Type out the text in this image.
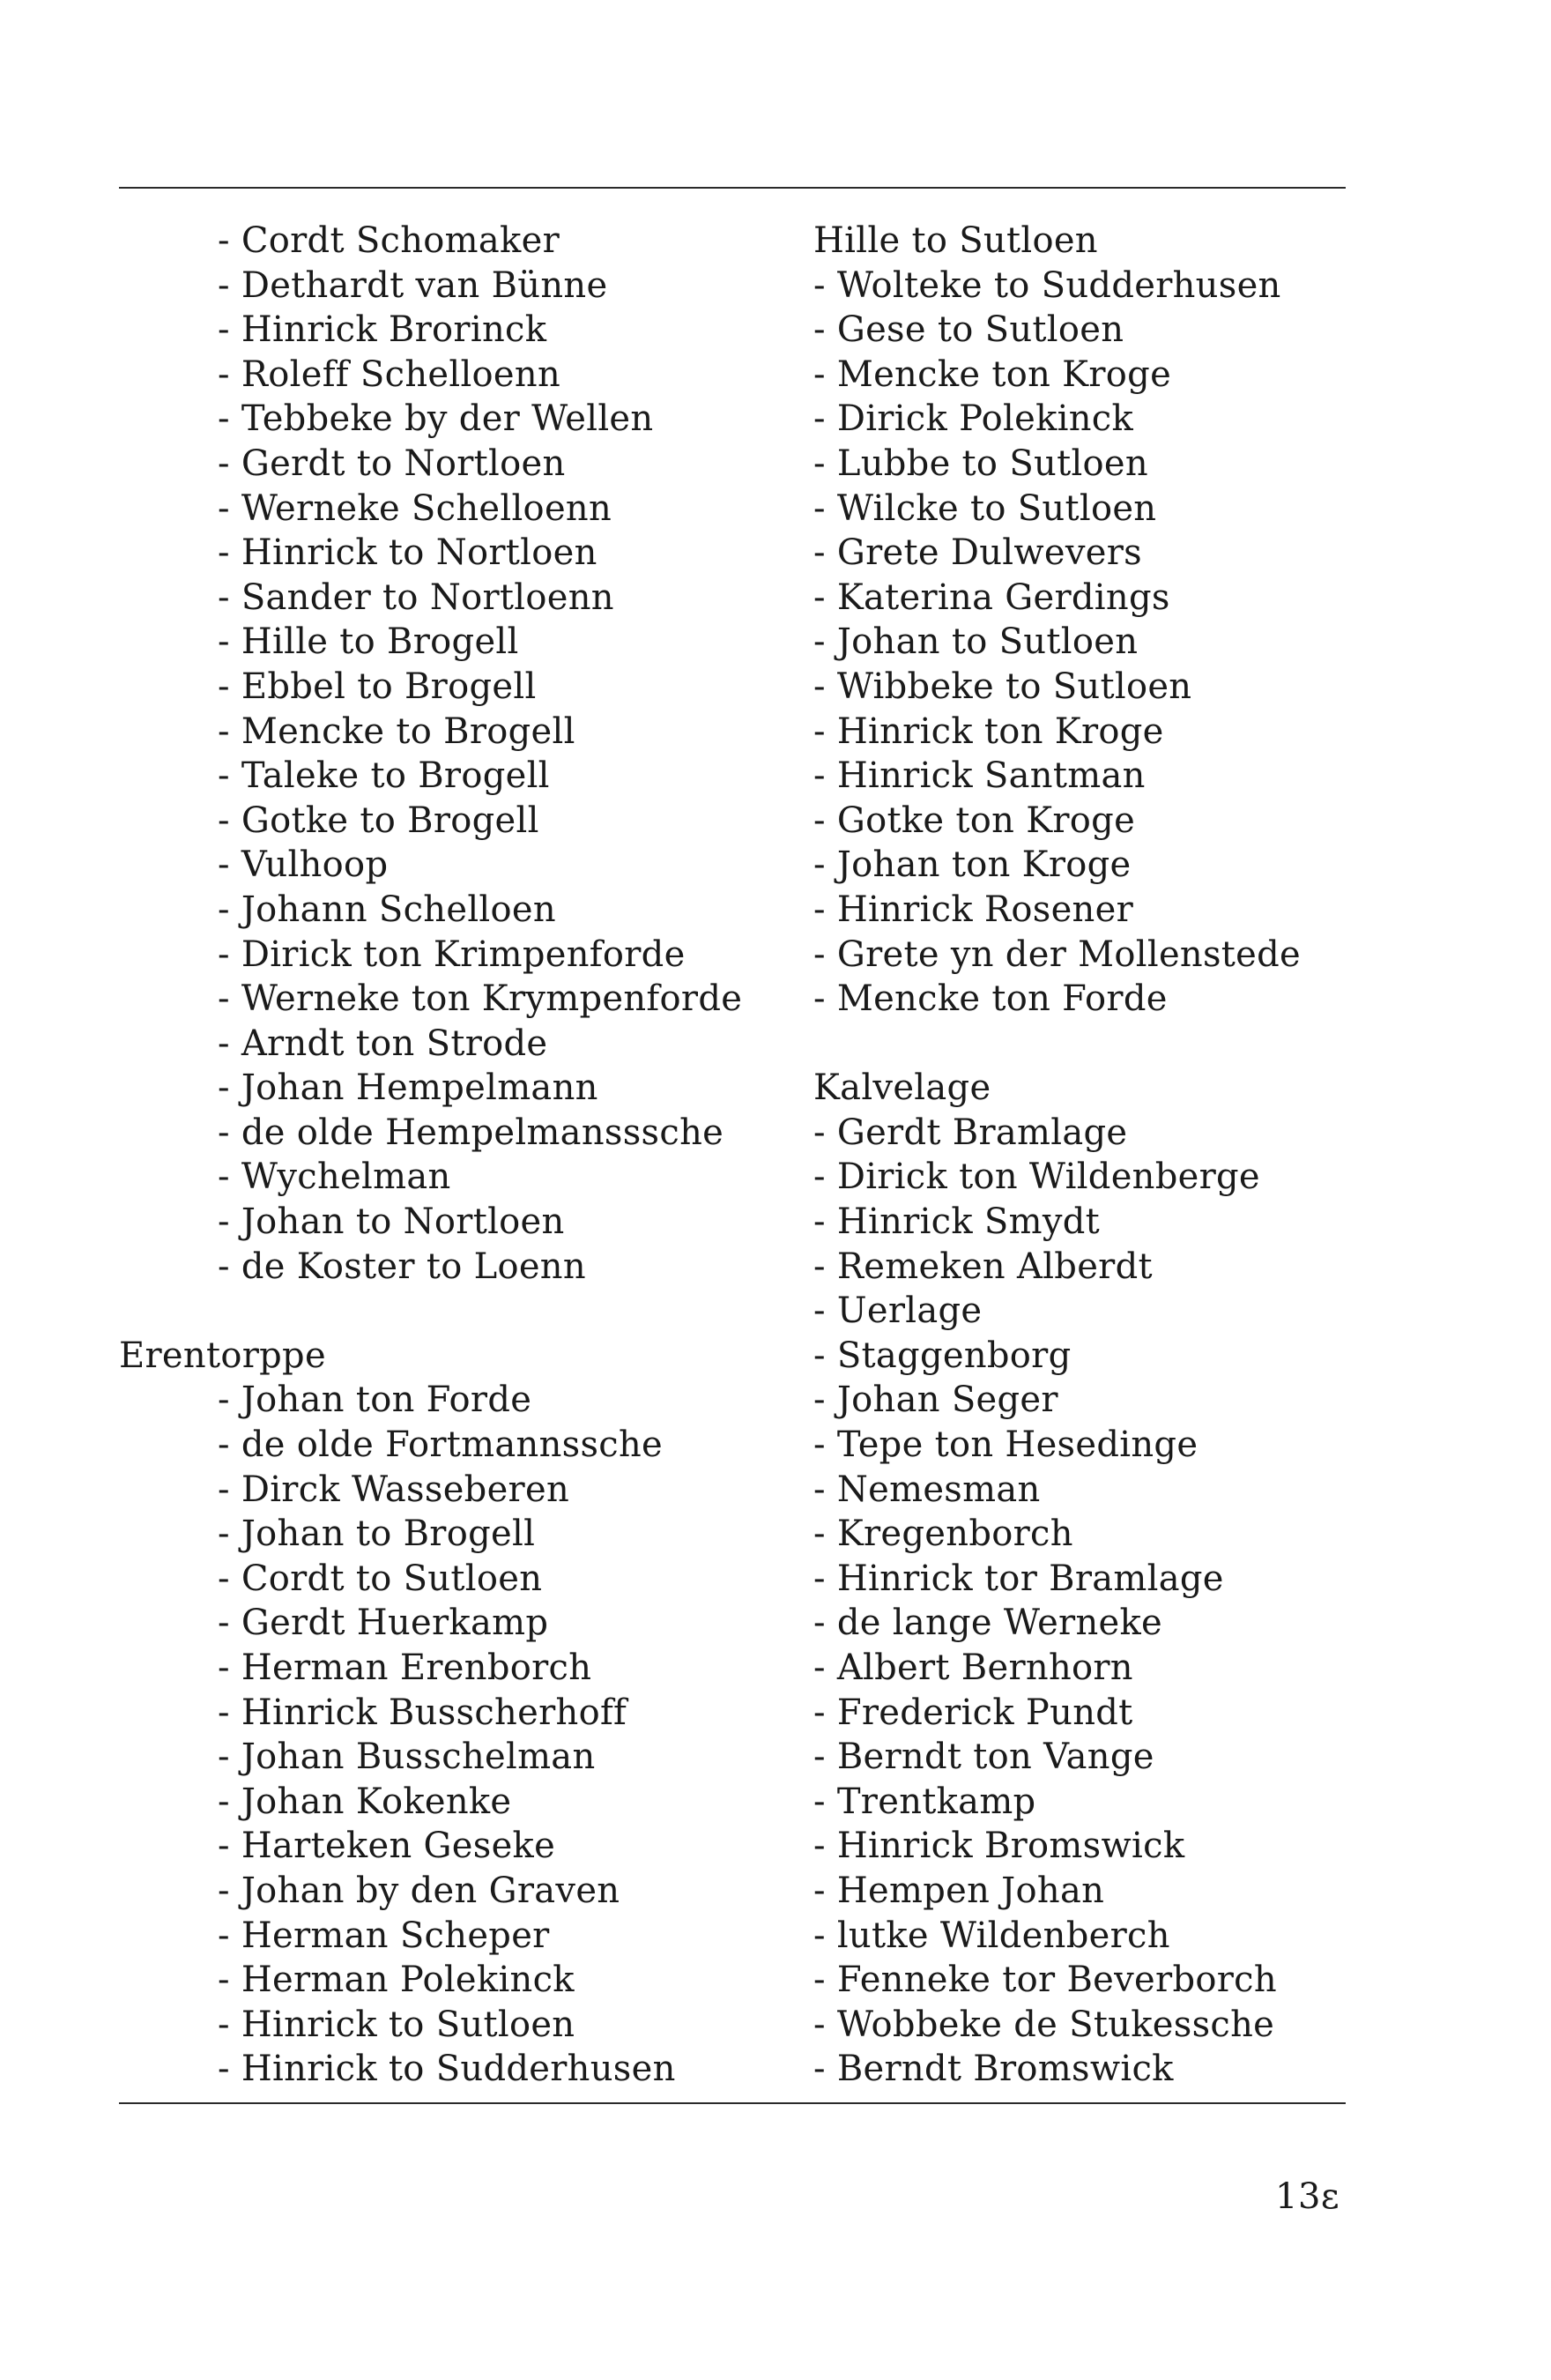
- Cordt Schomaker
- Dethardt van Bünne
- Hinrick Brorinck
- Roleff Schelloenn
- Tebbeke by der Wellen
- Gerdt to Nortloen
- Werneke Schelloenn
- Hinrick to Nortloen
- Sander to Nortloenn
- Hille to Brogell
- Ebbel to Brogell
- Mencke to Brogell
- Taleke to Brogell
- Gotke to Brogell
- Vulhoop
- Johann Schelloen
- Dirick ton Krimpenforde
- Werneke ton Krympenforde
- Arndt ton Strode
- Johan Hempelmann
- de olde Hempelmansssche
- Wychelman
- Johan to Nortloen
- de Koster to Loenn
Erentorppe
- Johan ton Forde
- de olde Fortmannssche
- Dirck Wasseberen
- Johan to Brogell
- Cordt to Sutloen
- Gerdt Huerkamp
- Herman Erenborch
- Hinrick Busscherhoff
- Johan Busschelman
- Johan Kokenke
- Harteken Geseke
- Johan by den Graven
- Herman Scheper
- Herman Polekinck
- Hinrick to Sutloen
- Hinrick to Sudderhusen
Hille to Sutloen
- Wolteke to Sudderhusen
- Gese to Sutloen
- Mencke ton Kroge
- Dirick Polekinck
- Lubbe to Sutloen
- Wilcke to Sutloen
- Grete Dulwevers
- Katerina Gerdings
- Johan to Sutloen
- Wibbeke to Sutloen
- Hinrick ton Kroge
- Hinrick Santman
- Gotke ton Kroge
- Johan ton Kroge
- Hinrick Rosener
- Grete yn der Mollenstede
- Mencke ton Forde
Kalvelage
- Gerdt Bramlage
- Dirick ton Wildenberge
- Hinrick Smydt
- Remeken Alberdt
- Uerlage
- Staggenborg
- Johan Seger
- Tepe ton Hesedinge
- Nemesman
- Kregenborch
- Hinrick tor Bramlage
- de lange Werneke
- Albert Bernhorn
- Frederick Pundt
- Berndt ton Vange
- Trentkamp
- Hinrick Bromswick
- Hempen Johan
- lutke Wildenberch
- Fenneke tor Beverborch
- Wobbeke de Stukessche
- Berndt Bromswick
13ε
